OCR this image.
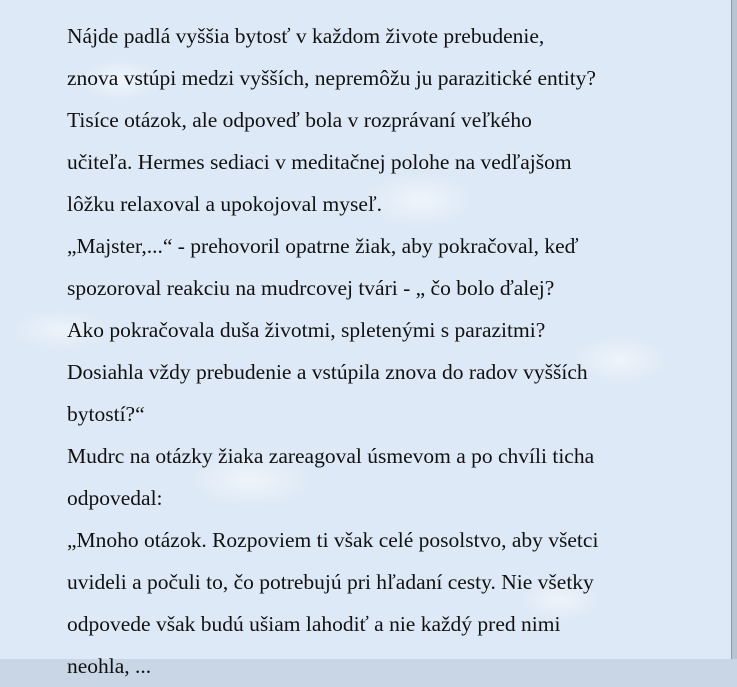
Nájde padlá vyššia bytosť v každom živote prebudenie,
znova vstúpi medzi vyšších, nepremôžu ju parazitické entity?
Tisíce otázok, ale odpoveď bola v rozprávaní veľkého
učiteľa. Hermes sediaci v meditačnej polohe na vedľajšom
lôžku relaxoval a upokojoval myseľ.
„Majster,...“ - prehovoril opatrne žiak, aby pokračoval, keď
spozoroval reakciu na mudrcovej tvári - „ čo bolo ďalej?
Ako pokračovala duša životmi, spletenými s parazitmi?
Dosiahla vždy prebudenie a vstúpila znova do radov vyšších
bytostí?“
Mudrc na otázky žiaka zareagoval úsmevom a po chvíli ticha
odpovedal:
„Mnoho otázok. Rozpoviem ti však celé posolstvo, aby všetci
uvideli a počuli to, čo potrebujú pri hľadaní cesty. Nie všetky
odpovede však budú ušiam lahodiť a nie každý pred nimi
neohla, ...
